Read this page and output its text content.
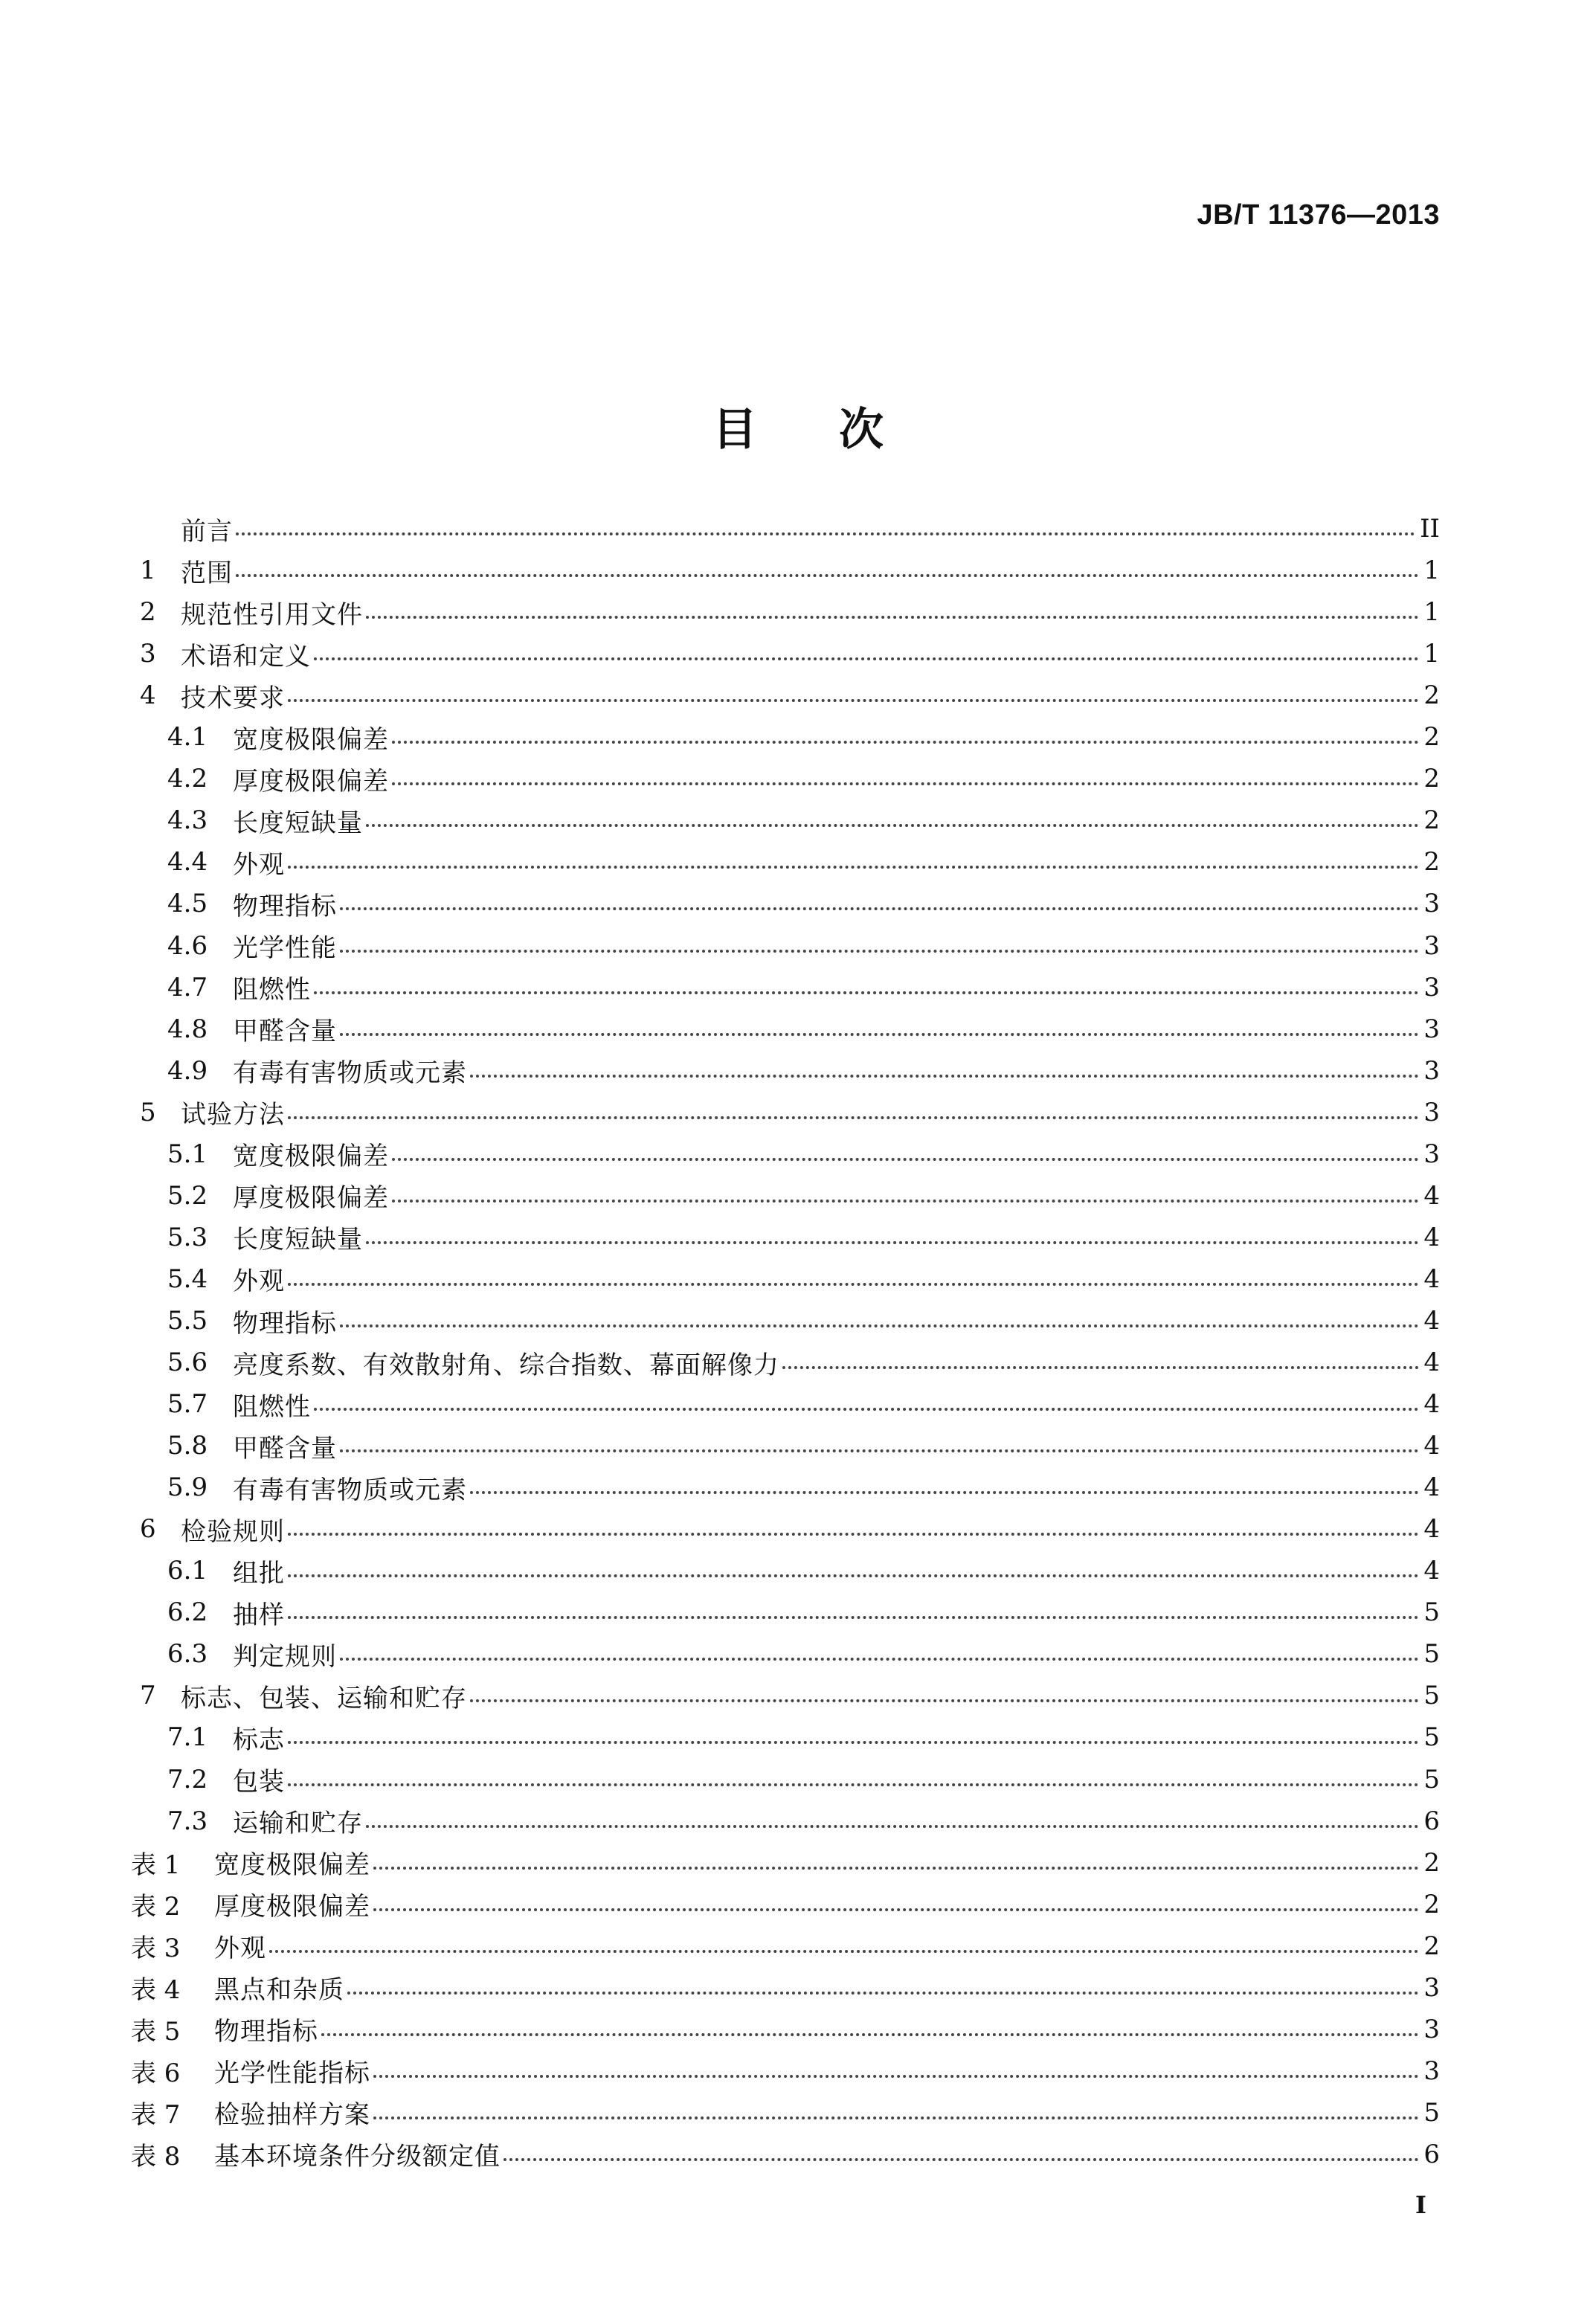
JB/T 11376—2013
目次
前言	II
1 范围	1
2 规范性引用文件	1
3 术语和定义	1
4 技术要求	2
4.1 宽度极限偏差	2
4.2 厚度极限偏差	2
4.3 长度短缺量	2
4.4 外观	2
4.5 物理指标	3
4.6 光学性能	3
4.7 阻燃性	3
4.8 甲醛含量	3
4.9 有毒有害物质或元素	3
5 试验方法	3
5.1 宽度极限偏差	3
5.2 厚度极限偏差	4
5.3 长度短缺量	4
5.4 外观	4
5.5 物理指标	4
5.6 亮度系数、有效散射角、综合指数、幕面解像力	4
5.7 阻燃性	4
5.8 甲醛含量	4
5.9 有毒有害物质或元素	4
6 检验规则	4
6.1 组批	4
6.2 抽样	5
6.3 判定规则	5
7 标志、包装、运输和贮存	5
7.1 标志	5
7.2 包装	5
7.3 运输和贮存	6
表 1	宽度极限偏差	2
表 2	厚度极限偏差	2
表 3	外观	2
表 4	黑点和杂质	3
表 5	物理指标	3
表 6	光学性能指标	3
表 7	检验抽样方案	5
表 8	基本环境条件分级额定值	6
I
